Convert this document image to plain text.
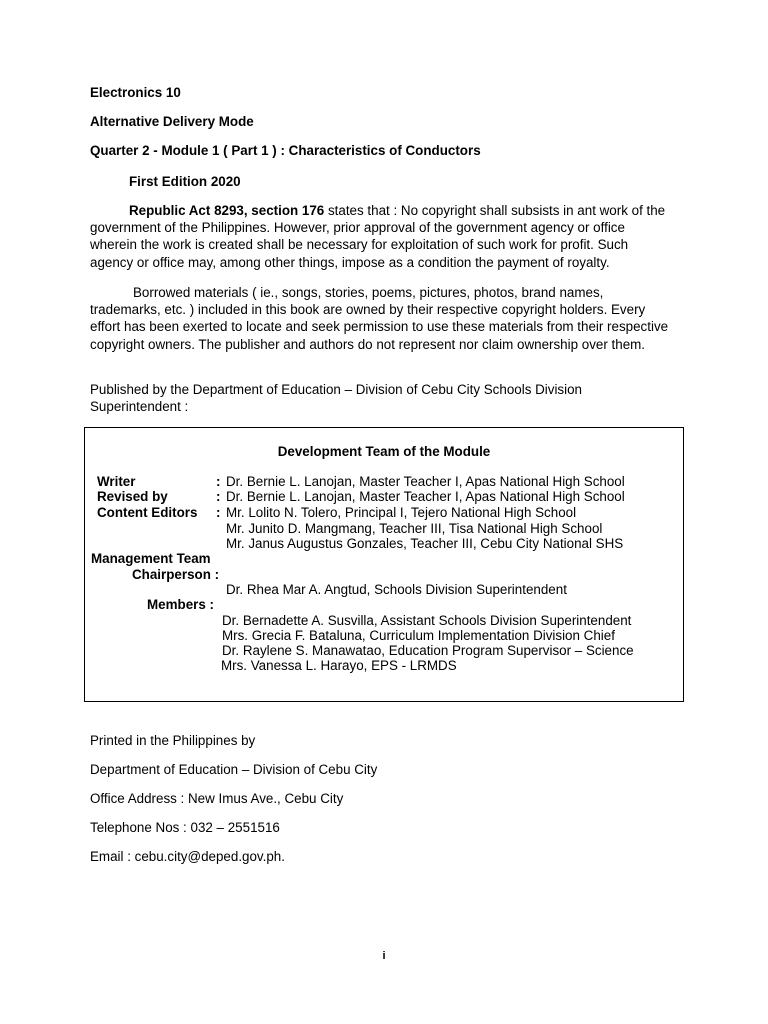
Electronics 10
Alternative Delivery Mode
Quarter 2 - Module 1 ( Part 1 ) : Characteristics of Conductors
First Edition 2020

Republic Act 8293, section 176 states that : No copyright shall subsists in ant work of the government of the Philippines. However, prior approval of the government agency or office wherein the work is created shall be necessary for exploitation of such work for profit. Such agency or office may, among other things, impose as a condition the payment of royalty.

Borrowed materials ( ie., songs, stories, poems, pictures, photos, brand names, trademarks, etc. ) included in this book are owned by their respective copyright holders. Every effort has been exerted to locate and seek permission to use these materials from their respective copyright owners. The publisher and authors do not represent nor claim ownership over them.

Published by the Department of Education – Division of Cebu City Schools Division Superintendent :
Development Team of the Module
Writer	: Dr. Bernie L. Lanojan, Master Teacher I, Apas National High School
Revised by	: Dr. Bernie L. Lanojan, Master Teacher I, Apas National High School
Content Editors : Mr. Lolito N. Tolero, Principal I, Tejero National High School
Mr. Junito D. Mangmang, Teacher III, Tisa National High School
Mr. Janus Augustus Gonzales, Teacher III, Cebu City National SHS
Management Team
Chairperson :
Dr. Rhea Mar A. Angtud, Schools Division Superintendent
Members :
Dr. Bernadette A. Susvilla, Assistant Schools Division Superintendent
Mrs. Grecia F. Bataluna, Curriculum Implementation Division Chief
Dr. Raylene S. Manawatao, Education Program Supervisor – Science
Mrs. Vanessa L. Harayo, EPS - LRMDS
Printed in the Philippines by
Department of Education – Division of Cebu City
Office Address : New Imus Ave., Cebu City
Telephone Nos : 032 – 2551516
Email : cebu.city@deped.gov.ph.
i
